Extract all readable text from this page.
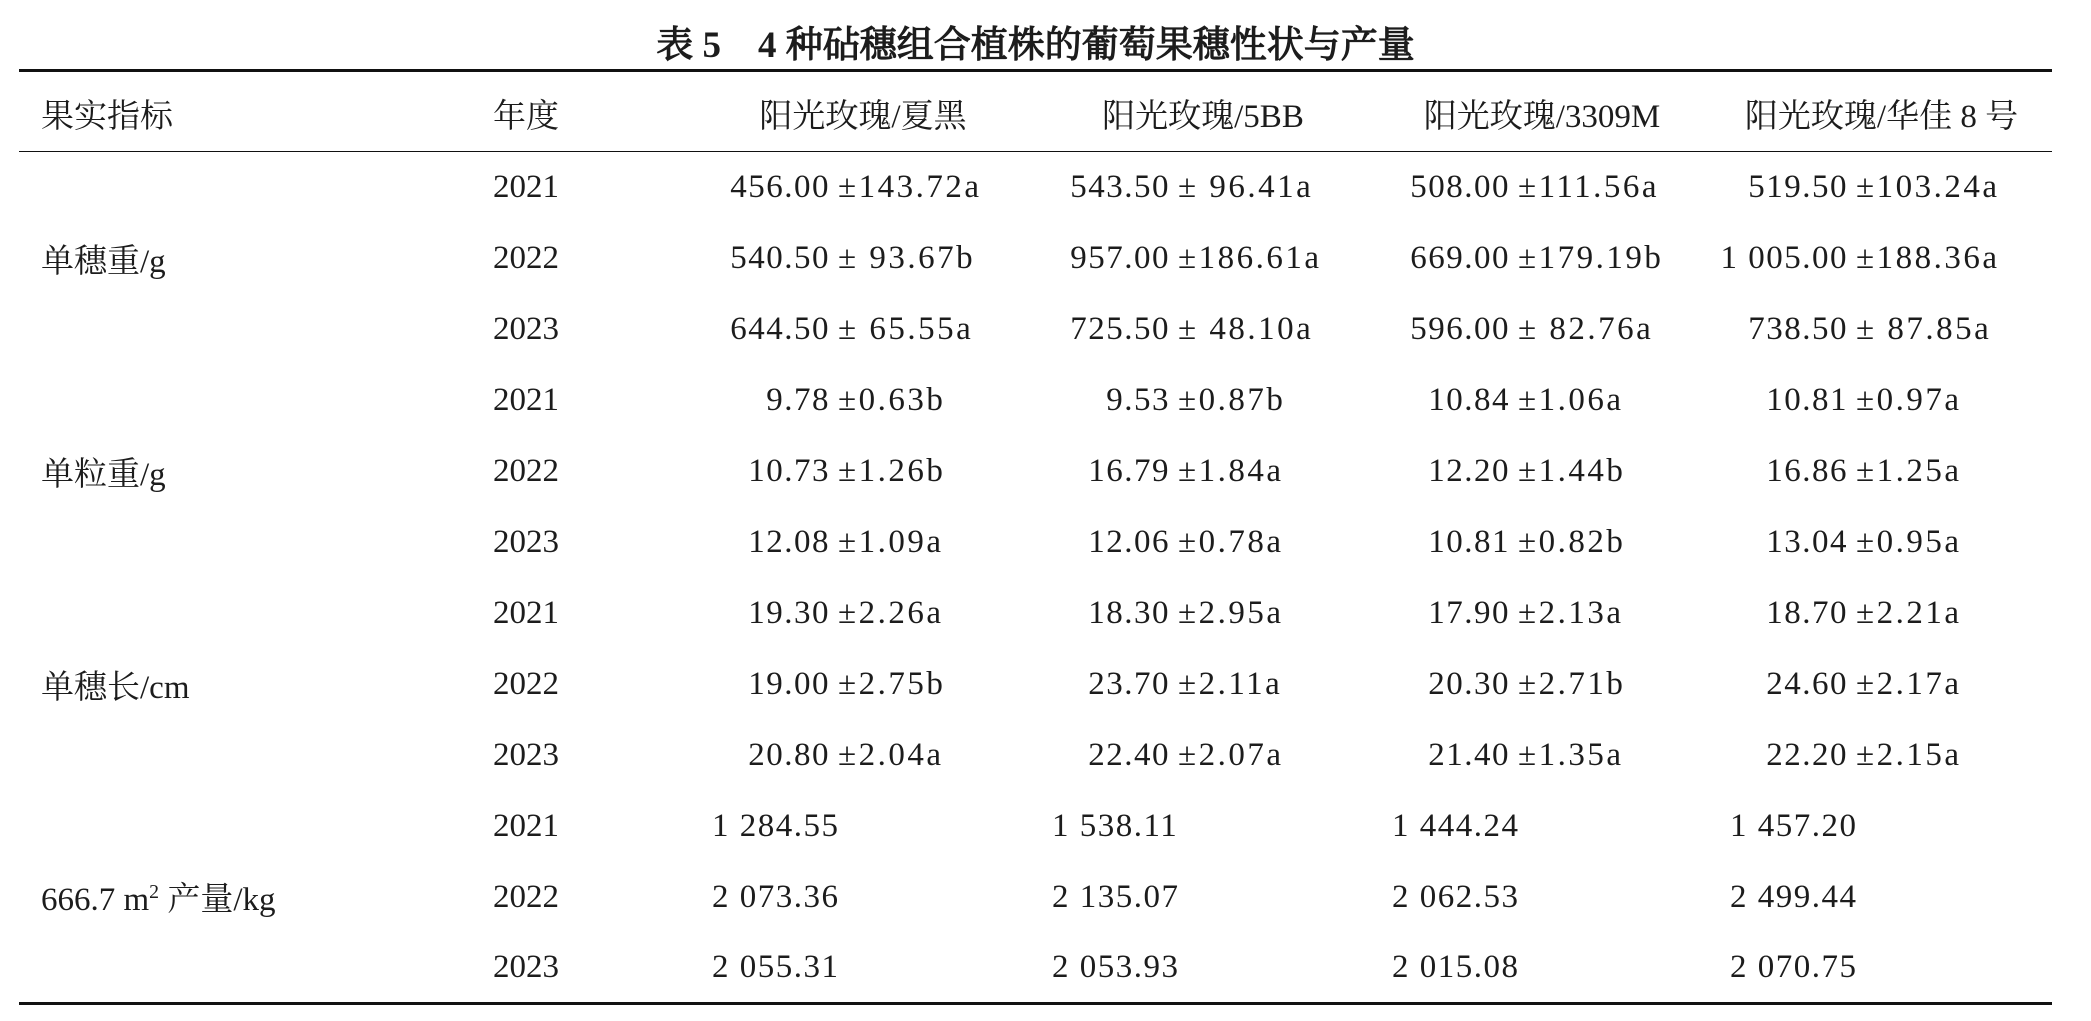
表 5　4 种砧穗组合植株的葡萄果穗性状与产量
果实指标	年度	阳光玫瑰/夏黑	阳光玫瑰/5BB	阳光玫瑰/3309M	阳光玫瑰/华佳 8 号
单穗重/g	2021	456.00 ±143.72a	543.50 ± 96.41a	508.00 ±111.56a	519.50 ±103.24a
	2022	540.50 ± 93.67b	957.00 ±186.61a	669.00 ±179.19b	1 005.00 ±188.36a
	2023	644.50 ± 65.55a	725.50 ± 48.10a	596.00 ± 82.76a	738.50 ± 87.85a
单粒重/g	2021	9.78 ±0.63b	9.53 ±0.87b	10.84 ±1.06a	10.81 ±0.97a
	2022	10.73 ±1.26b	16.79 ±1.84a	12.20 ±1.44b	16.86 ±1.25a
	2023	12.08 ±1.09a	12.06 ±0.78a	10.81 ±0.82b	13.04 ±0.95a
单穗长/cm	2021	19.30 ±2.26a	18.30 ±2.95a	17.90 ±2.13a	18.70 ±2.21a
	2022	19.00 ±2.75b	23.70 ±2.11a	20.30 ±2.71b	24.60 ±2.17a
	2023	20.80 ±2.04a	22.40 ±2.07a	21.40 ±1.35a	22.20 ±2.15a
666.7 $m^2$ 产量/kg	2021	1 284.55	1 538.11	1 444.24	1 457.20
	2022	2 073.36	2 135.07	2 062.53	2 499.44
	2023	2 055.31	2 053.93	2 015.08	2 070.75
